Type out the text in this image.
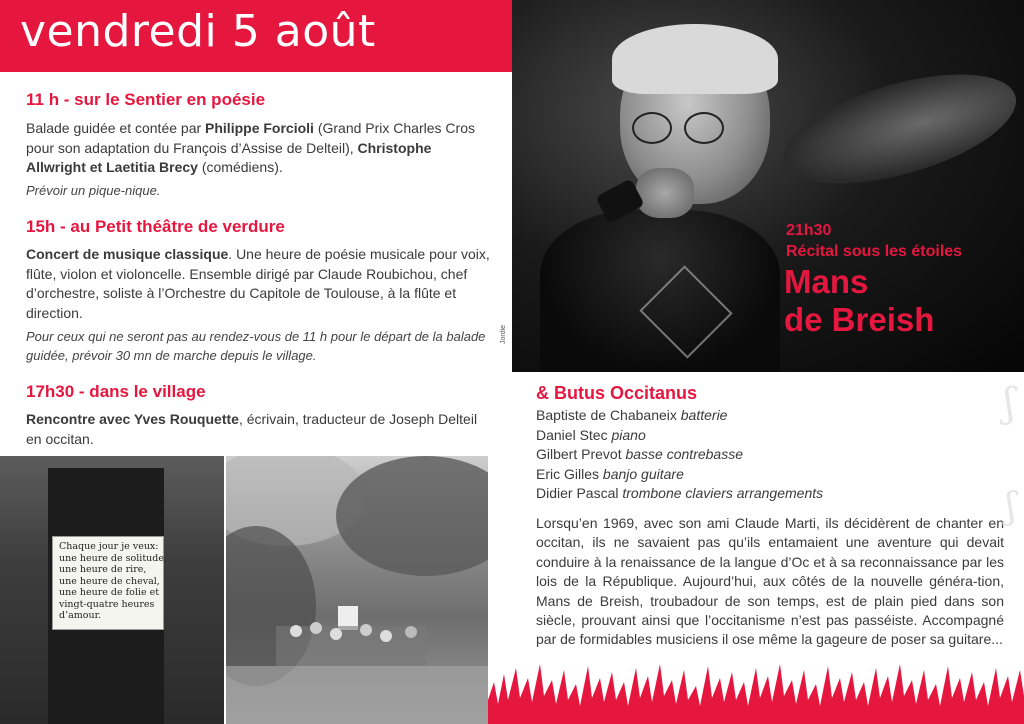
vendredi 5 août
11 h - sur le Sentier en poésie
Balade guidée et contée par Philippe Forcioli (Grand Prix Charles Cros pour son adaptation du François d’Assise de Delteil), Christophe Allwright et Laetitia Brecy (comédiens).
Prévoir un pique-nique.
15h - au Petit théâtre de verdure
Concert de musique classique. Une heure de poésie musicale pour voix, flûte, violon et violoncelle. Ensemble dirigé par Claude Roubichou, chef d’orchestre, soliste à l’Orchestre du Capitole de Toulouse, à la flûte et direction.
Pour ceux qui ne seront pas au rendez-vous de 11 h pour le départ de la balade guidée, prévoir 30 mn de marche depuis le village.
17h30 - dans le village
Rencontre avec Yves Rouquette, écrivain, traducteur de Joseph Delteil en occitan.
Chaque jour je veux:
une heure de solitude,
une heure de rire,
une heure de cheval,
une heure de folie et
vingt-quatre heures
d’amour.
21h30
Récital sous les étoiles
Mans
de Breish
Jordie
& Butus Occitanus
Baptiste de Chabaneix batterie
Daniel Stec piano
Gilbert Prevot basse contrebasse
Eric Gilles banjo guitare
Didier Pascal trombone claviers arrangements
Lorsqu’en 1969, avec son ami Claude Marti, ils décidèrent de chanter en occitan, ils ne savaient pas qu’ils entamaient une aventure qui devait conduire à la renaissance de la langue d’Oc et à sa reconnaissance par les lois de la République. Aujourd’hui, aux côtés de la nouvelle généra-tion, Mans de Breish, troubadour de son temps, est de plain pied dans son siècle, prouvant ainsi que l’occitanisme n’est pas passéiste. Accompagné par de formidables musiciens il ose même la gageure de poser sa guitare...
ʃ
ʃ
